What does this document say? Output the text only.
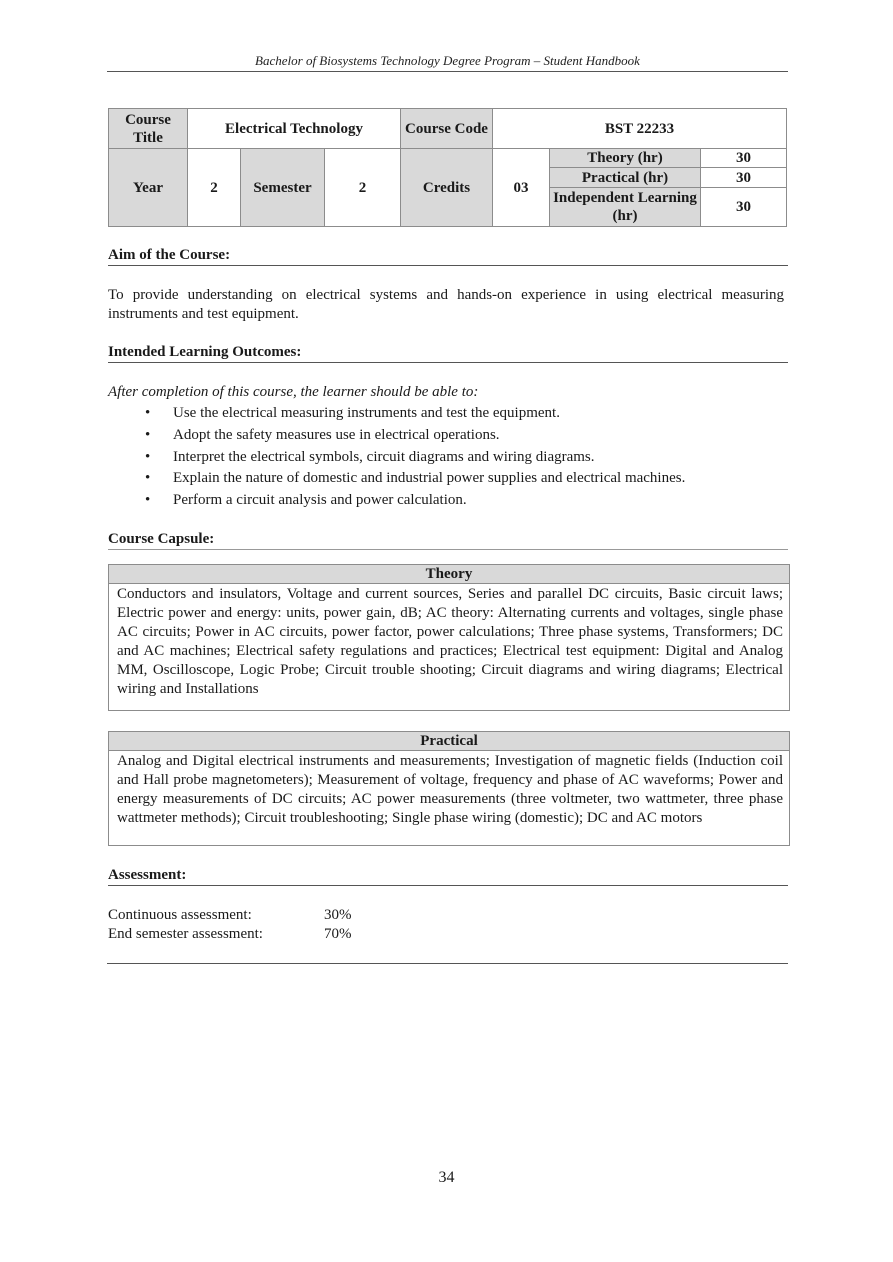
Bachelor of Biosystems Technology Degree Program – Student Handbook
Course Title	Electrical Technology			Course Code	BST 22233		
Year	2	Semester	2	Credits	03	Theory (hr)	30
						Practical (hr)	30
						Independent Learning (hr)	30
Aim of the Course:
To provide understanding on electrical systems and hands-on experience in using electrical measuring instruments and test equipment.
Intended Learning Outcomes:
After completion of this course, the learner should be able to:
• Use the electrical measuring instruments and test the equipment.
• Adopt the safety measures use in electrical operations.
• Interpret the electrical symbols, circuit diagrams and wiring diagrams.
• Explain the nature of domestic and industrial power supplies and electrical machines.
• Perform a circuit analysis and power calculation.
Course Capsule:
Theory
Conductors and insulators, Voltage and current sources, Series and parallel DC circuits, Basic circuit laws; Electric power and energy: units, power gain, dB; AC theory: Alternating currents and voltages, single phase AC circuits; Power in AC circuits, power factor, power calculations; Three phase systems, Transformers; DC and AC machines; Electrical safety regulations and practices; Electrical test equipment: Digital and Analog MM, Oscilloscope, Logic Probe; Circuit trouble shooting; Circuit diagrams and wiring diagrams; Electrical wiring and Installations
Practical
Analog and Digital electrical instruments and measurements; Investigation of magnetic fields (Induction coil and Hall probe magnetometers); Measurement of voltage, frequency and phase of AC waveforms; Power and energy measurements of DC circuits; AC power measurements (three voltmeter, two wattmeter, three phase wattmeter methods); Circuit troubleshooting; Single phase wiring (domestic); DC and AC motors
Assessment:
Continuous assessment:	30%
End semester assessment:	70%
34
